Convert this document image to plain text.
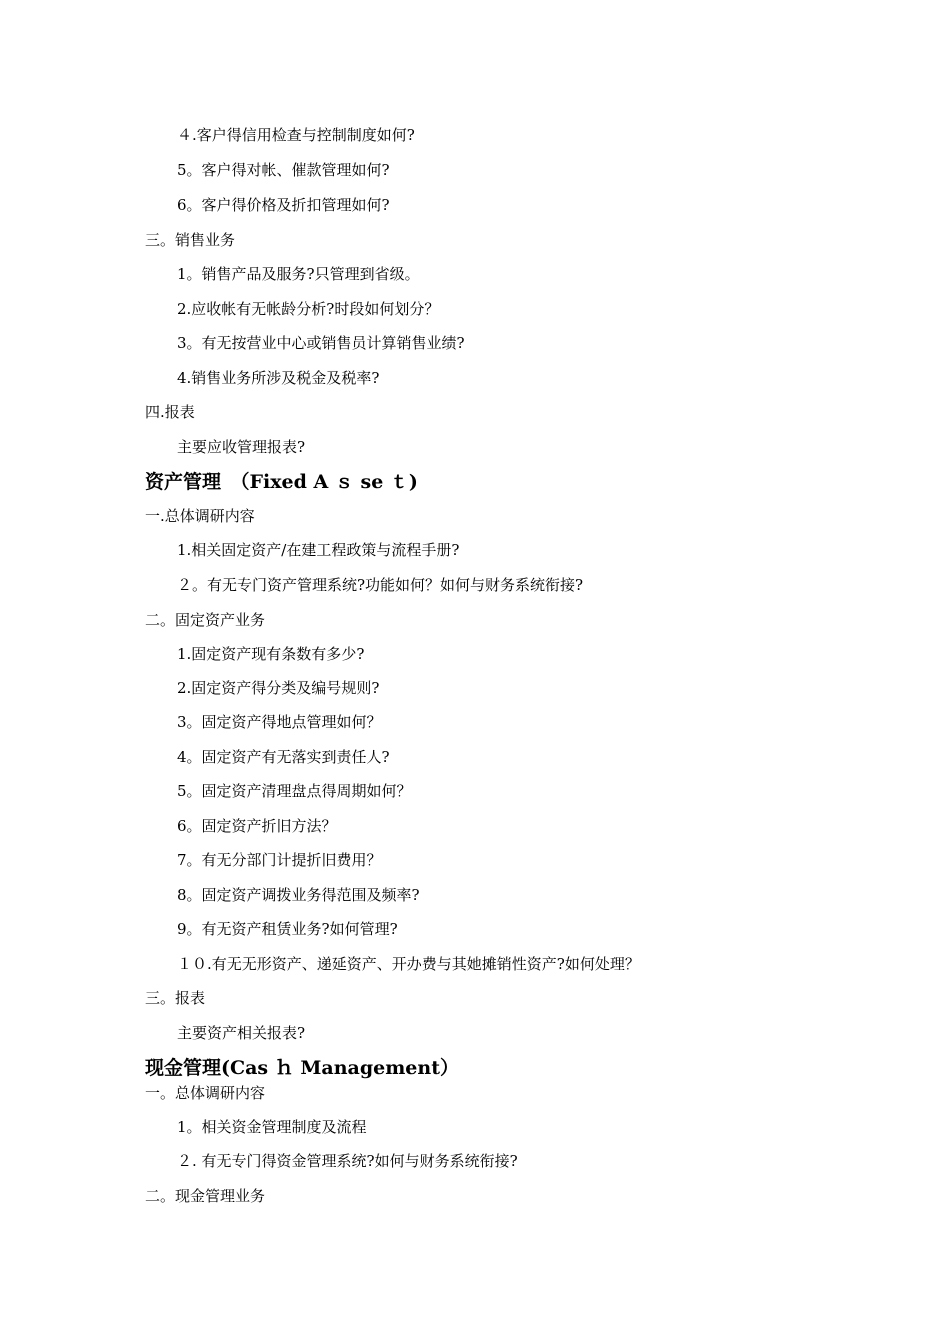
４.客户得信用检查与控制制度如何?
5。客户得对帐、催款管理如何?
6。客户得价格及折扣管理如何?
三。销售业务
1。销售产品及服务?只管理到省级。
2.应收帐有无帐龄分析?时段如何划分？
3。有无按营业中心或销售员计算销售业绩?
4.销售业务所涉及税金及税率?
四.报表
主要应收管理报表?
资产管理　（Fixed A ｓ se ｔ)
一.总体调研内容
1.相关固定资产/在建工程政策与流程手册?
２。有无专门资产管理系统?功能如何？如何与财务系统衔接?
二。固定资产业务
1.固定资产现有条数有多少?
2.固定资产得分类及编号规则?
3。固定资产得地点管理如何？
4。固定资产有无落实到责任人?
5。固定资产清理盘点得周期如何？
6。固定资产折旧方法？
7。有无分部门计提折旧费用？
8。固定资产调拨业务得范围及频率?
9。有无资产租赁业务?如何管理?
１０.有无无形资产、递延资产、开办费与其她摊销性资产?如何处理？
三。报表
主要资产相关报表?
现金管理(Cas ｈ Management）
一。总体调研内容
1。相关资金管理制度及流程
２. 有无专门得资金管理系统?如何与财务系统衔接?
二。现金管理业务
